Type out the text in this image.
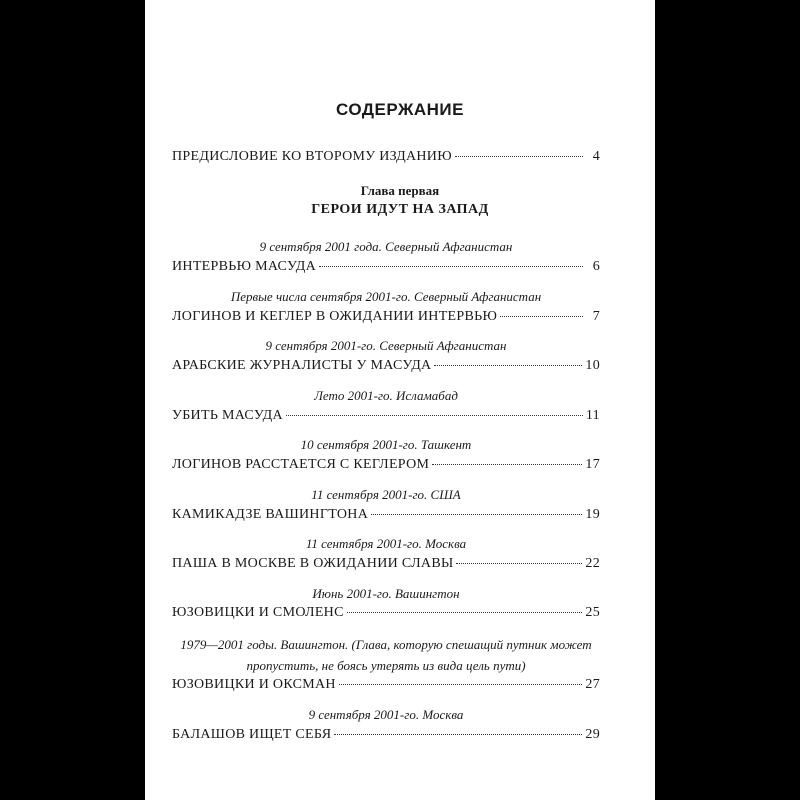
СОДЕРЖАНИЕ
ПРЕДИСЛОВИЕ КО ВТОРОМУ ИЗДАНИЮ	4
Глава первая
ГЕРОИ ИДУТ НА ЗАПАД
9 сентября 2001 года. Северный Афганистан
ИНТЕРВЬЮ МАСУДА	6
Первые числа сентября 2001-го. Северный Афганистан
ЛОГИНОВ И КЕГЛЕР В ОЖИДАНИИ ИНТЕРВЬЮ	7
9 сентября 2001-го. Северный Афганистан
АРАБСКИЕ ЖУРНАЛИСТЫ У МАСУДА	10
Лето 2001-го. Исламабад
УБИТЬ МАСУДА	11
10 сентября 2001-го. Ташкент
ЛОГИНОВ РАССТАЕТСЯ С КЕГЛЕРОМ	17
11 сентября 2001-го. США
КАМИКАДЗЕ ВАШИНГТОНА	19
11 сентября 2001-го. Москва
ПАША В МОСКВЕ В ОЖИДАНИИ СЛАВЫ	22
Июнь 2001-го. Вашингтон
ЮЗОВИЦКИ И СМОЛЕНС	25
1979—2001 годы. Вашингтон. (Глава, которую спешащий путник может
пропустить, не боясь утерять из вида цель пути)
ЮЗОВИЦКИ И ОКСМАН	27
9 сентября 2001-го. Москва
БАЛАШОВ ИЩЕТ СЕБЯ	29
